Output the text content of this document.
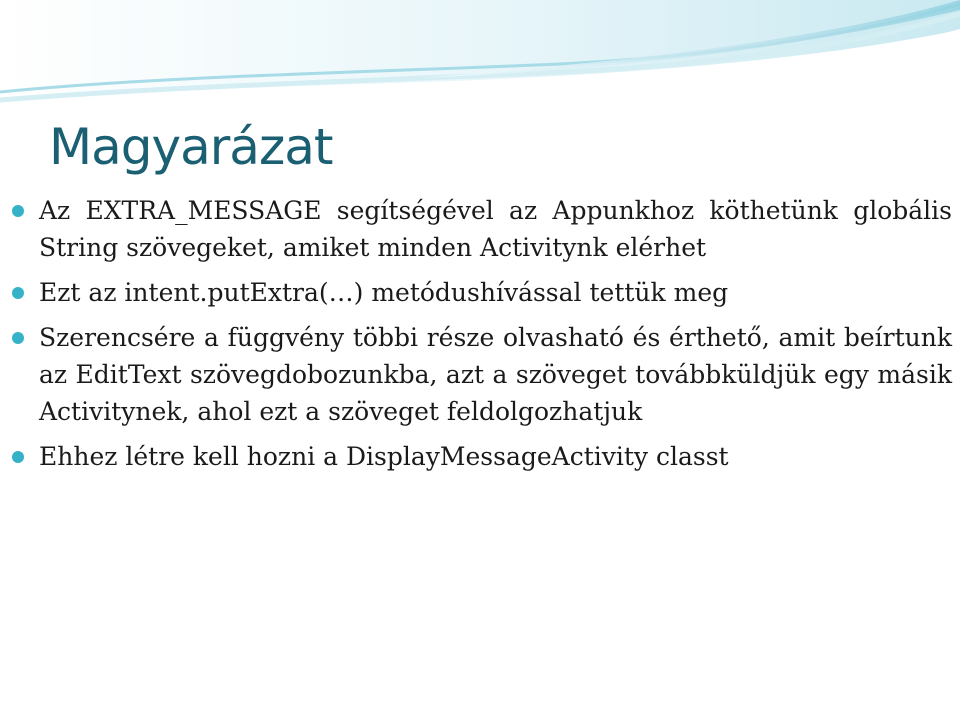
Magyarázat
Az EXTRA_MESSAGE segítségével az Appunkhoz köthetünk globális String szövegeket, amiket minden Activitynk elérhet
Ezt az intent.putExtra(…) metódushívással tettük meg
Szerencsére a függvény többi része olvasható és érthető, amit beírtunk az EditText szövegdobozunkba, azt a szöveget továbbküldjük egy másik Activitynek, ahol ezt a szöveget feldolgozhatjuk
Ehhez létre kell hozni a DisplayMessageActivity classt
